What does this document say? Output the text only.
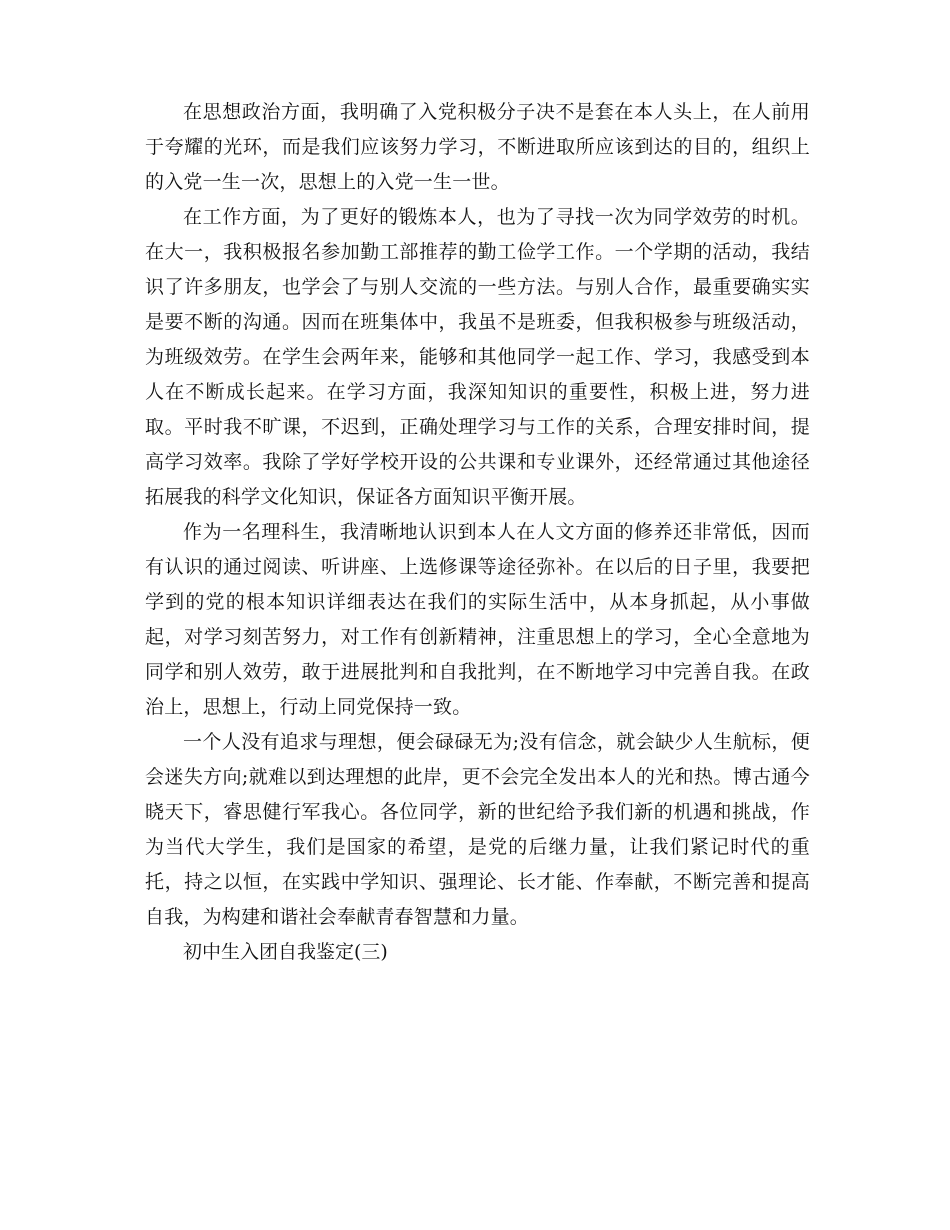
在思想政治方面，我明确了入党积极分子决不是套在本人头上，在人前用于夸耀的光环，而是我们应该努力学习，不断进取所应该到达的目的，组织上的入党一生一次，思想上的入党一生一世。

在工作方面，为了更好的锻炼本人，也为了寻找一次为同学效劳的时机。在大一，我积极报名参加勤工部推荐的勤工俭学工作。一个学期的活动，我结识了许多朋友，也学会了与别人交流的一些方法。与别人合作，最重要确实实是要不断的沟通。因而在班集体中，我虽不是班委，但我积极参与班级活动，为班级效劳。在学生会两年来，能够和其他同学一起工作、学习，我感受到本人在不断成长起来。在学习方面，我深知知识的重要性，积极上进，努力进取。平时我不旷课，不迟到，正确处理学习与工作的关系，合理安排时间，提高学习效率。我除了学好学校开设的公共课和专业课外，还经常通过其他途径拓展我的科学文化知识，保证各方面知识平衡开展。

作为一名理科生，我清晰地认识到本人在人文方面的修养还非常低，因而有认识的通过阅读、听讲座、上选修课等途径弥补。在以后的日子里，我要把学到的党的根本知识详细表达在我们的实际生活中，从本身抓起，从小事做起，对学习刻苦努力，对工作有创新精神，注重思想上的学习，全心全意地为同学和别人效劳，敢于进展批判和自我批判，在不断地学习中完善自我。在政治上，思想上，行动上同党保持一致。

一个人没有追求与理想，便会碌碌无为;没有信念，就会缺少人生航标，便会迷失方向;就难以到达理想的此岸，更不会完全发出本人的光和热。博古通今晓天下，睿思健行军我心。各位同学，新的世纪给予我们新的机遇和挑战，作为当代大学生，我们是国家的希望，是党的后继力量，让我们紧记时代的重托，持之以恒，在实践中学知识、强理论、长才能、作奉献，不断完善和提高自我，为构建和谐社会奉献青春智慧和力量。

初中生入团自我鉴定(三)
